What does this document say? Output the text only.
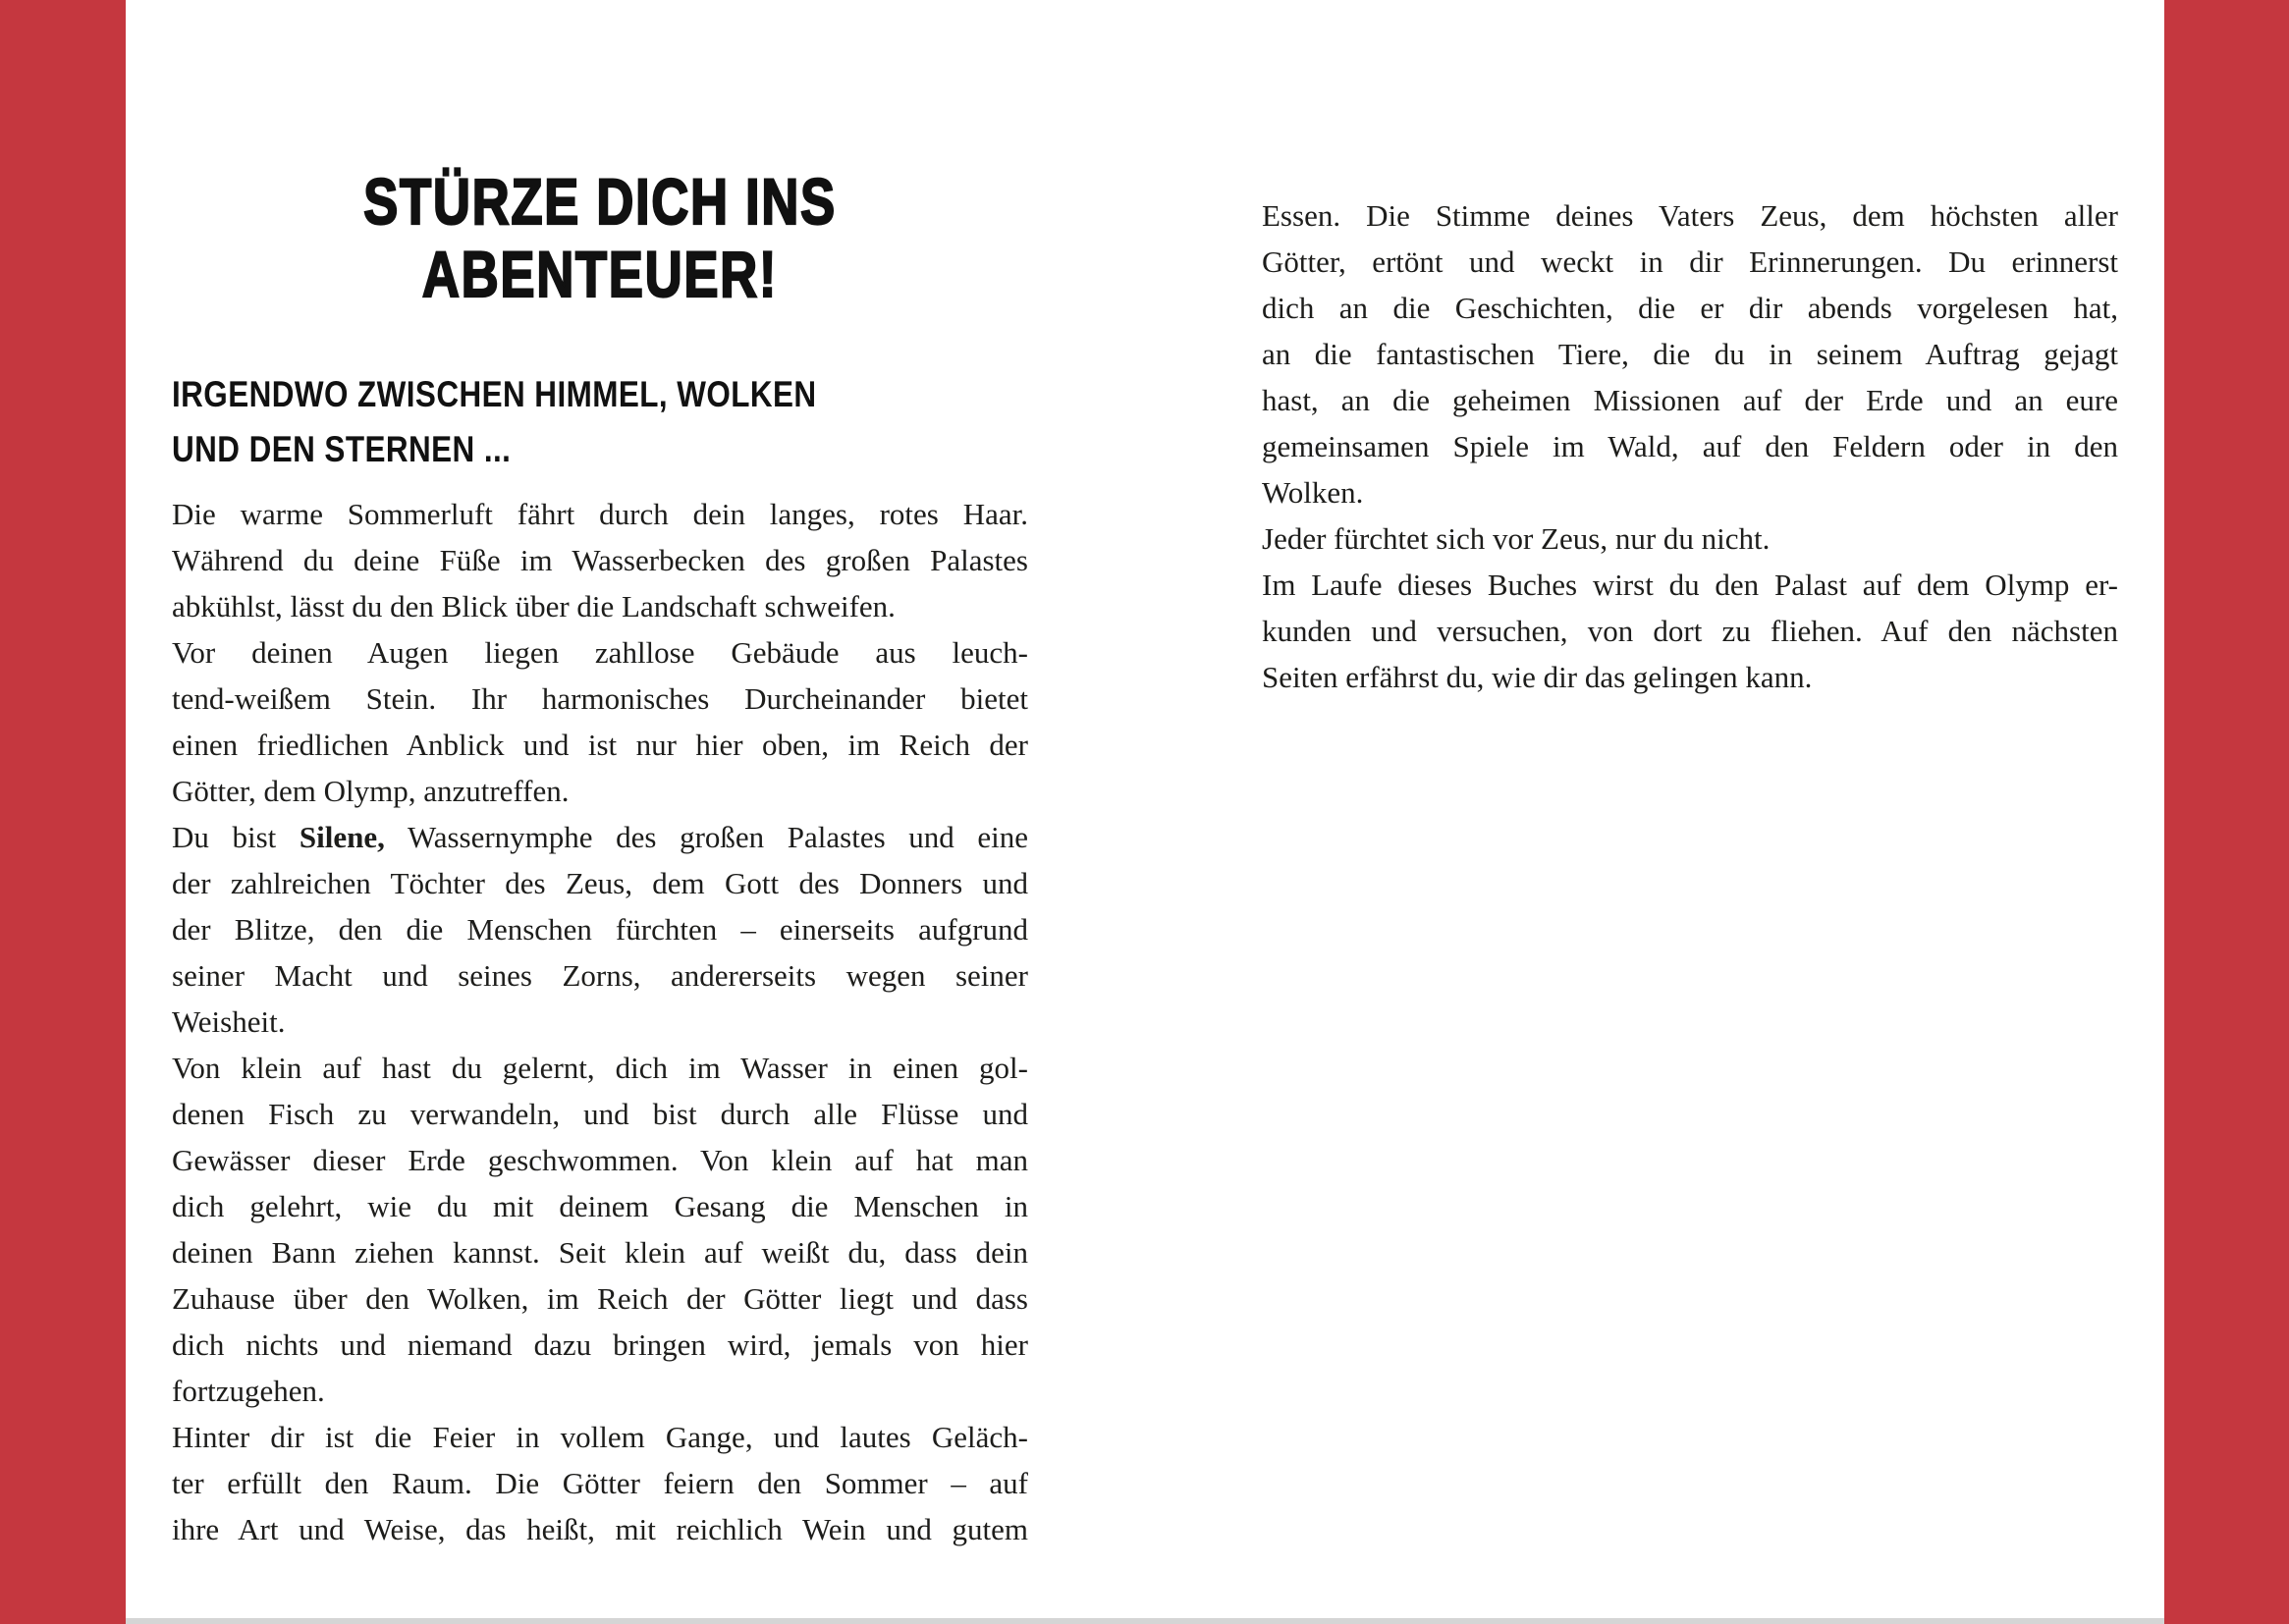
STÜRZE DICH INS
ABENTEUER!
IRGENDWO ZWISCHEN HIMMEL, WOLKEN
UND DEN STERNEN ...
Die warme Sommerluft fährt durch dein langes, rotes Haar.
Während du deine Füße im Wasserbecken des großen Palastes
abkühlst, lässt du den Blick über die Landschaft schweifen.
Vor deinen Augen liegen zahllose Gebäude aus leuch-
tend-weißem Stein. Ihr harmonisches Durcheinander bietet
einen friedlichen Anblick und ist nur hier oben, im Reich der
Götter, dem Olymp, anzutreffen.
Du bist Silene, Wassernymphe des großen Palastes und eine
der zahlreichen Töchter des Zeus, dem Gott des Donners und
der Blitze, den die Menschen fürchten – einerseits aufgrund
seiner Macht und seines Zorns, andererseits wegen seiner
Weisheit.
Von klein auf hast du gelernt, dich im Wasser in einen gol-
denen Fisch zu verwandeln, und bist durch alle Flüsse und
Gewässer dieser Erde geschwommen. Von klein auf hat man
dich gelehrt, wie du mit deinem Gesang die Menschen in
deinen Bann ziehen kannst. Seit klein auf weißt du, dass dein
Zuhause über den Wolken, im Reich der Götter liegt und dass
dich nichts und niemand dazu bringen wird, jemals von hier
fortzugehen.
Hinter dir ist die Feier in vollem Gange, und lautes Geläch-
ter erfüllt den Raum. Die Götter feiern den Sommer – auf
ihre Art und Weise, das heißt, mit reichlich Wein und gutem
Essen. Die Stimme deines Vaters Zeus, dem höchsten aller
Götter, ertönt und weckt in dir Erinnerungen. Du erinnerst
dich an die Geschichten, die er dir abends vorgelesen hat,
an die fantastischen Tiere, die du in seinem Auftrag gejagt
hast, an die geheimen Missionen auf der Erde und an eure
gemeinsamen Spiele im Wald, auf den Feldern oder in den
Wolken.
Jeder fürchtet sich vor Zeus, nur du nicht.
Im Laufe dieses Buches wirst du den Palast auf dem Olymp er-
kunden und versuchen, von dort zu fliehen. Auf den nächsten
Seiten erfährst du, wie dir das gelingen kann.
